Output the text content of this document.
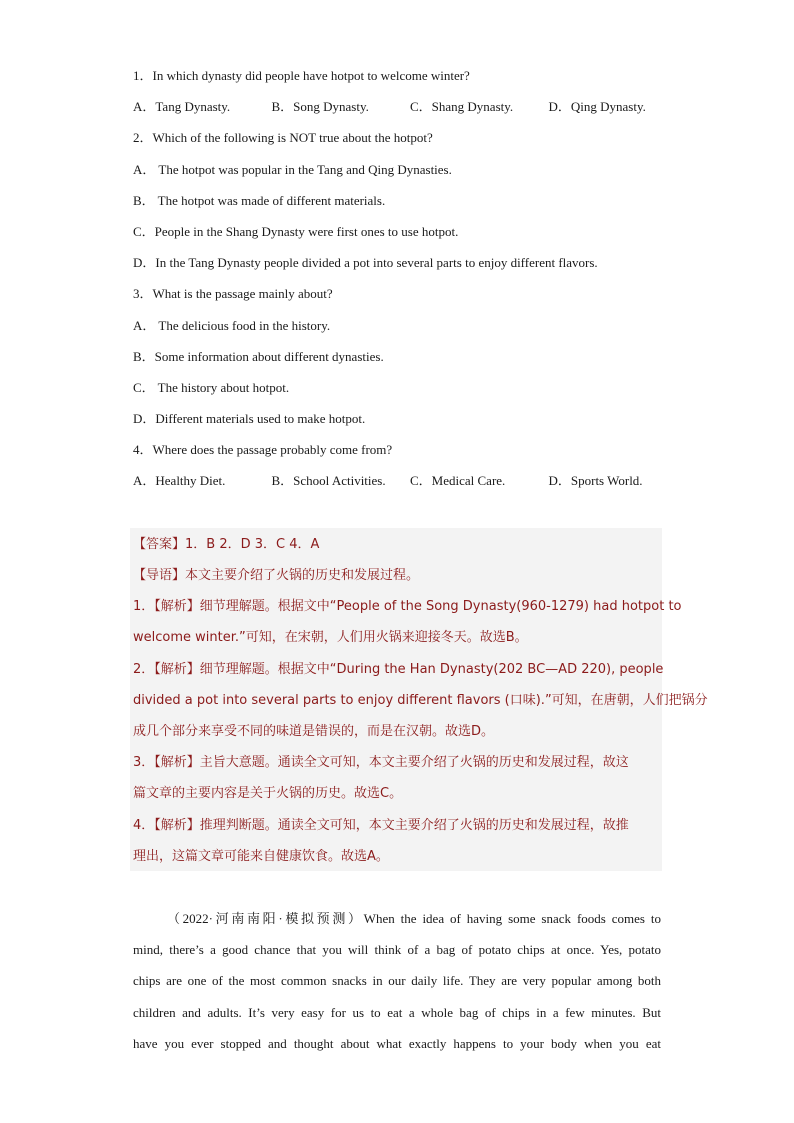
1．In which dynasty did people have hotpot to welcome winter?
A．Tang Dynasty.	B．Song Dynasty.	C．Shang Dynasty.	D．Qing Dynasty.
2．Which of the following is NOT true about the hotpot?
A． The hotpot was popular in the Tang and Qing Dynasties.
B． The hotpot was made of different materials.
C．People in the Shang Dynasty were first ones to use hotpot.
D．In the Tang Dynasty people divided a pot into several parts to enjoy different flavors.
3．What is the passage mainly about?
A． The delicious food in the history.
B．Some information about different dynasties.
C． The history about hotpot.
D．Different materials used to make hotpot.
4．Where does the passage probably come from?
A．Healthy Diet.	B．School Activities.	C．Medical Care.	D．Sports World.
【答案】1．B 2．D 3．C 4．A
【导语】本文主要介绍了火锅的历史和发展过程。
1．【解析】细节理解题。根据文中“People of the Song Dynasty(960-1279) had hotpot to
welcome winter.”可知，在宋朝，人们用火锅来迎接冬天。故选B。
2．【解析】细节理解题。根据文中“During the Han Dynasty(202 BC—AD 220), people
divided a pot into several parts to enjoy different flavors (口味).”可知，在唐朝，人们把锅分
成几个部分来享受不同的味道是错误的，而是在汉朝。故选D。
3．【解析】主旨大意题。通读全文可知，本文主要介绍了火锅的历史和发展过程，故这
篇文章的主要内容是关于火锅的历史。故选C。
4．【解析】推理判断题。通读全文可知，本文主要介绍了火锅的历史和发展过程，故推
理出，这篇文章可能来自健康饮食。故选A。
（2022·河南南阳·模拟预测）When the idea of having some snack foods comes to
mind, there’s a good chance that you will think of a bag of potato chips at once. Yes, potato
chips are one of the most common snacks in our daily life. They are very popular among both
children and adults. It’s very easy for us to eat a whole bag of chips in a few minutes. But
have you ever stopped and thought about what exactly happens to your body when you eat
